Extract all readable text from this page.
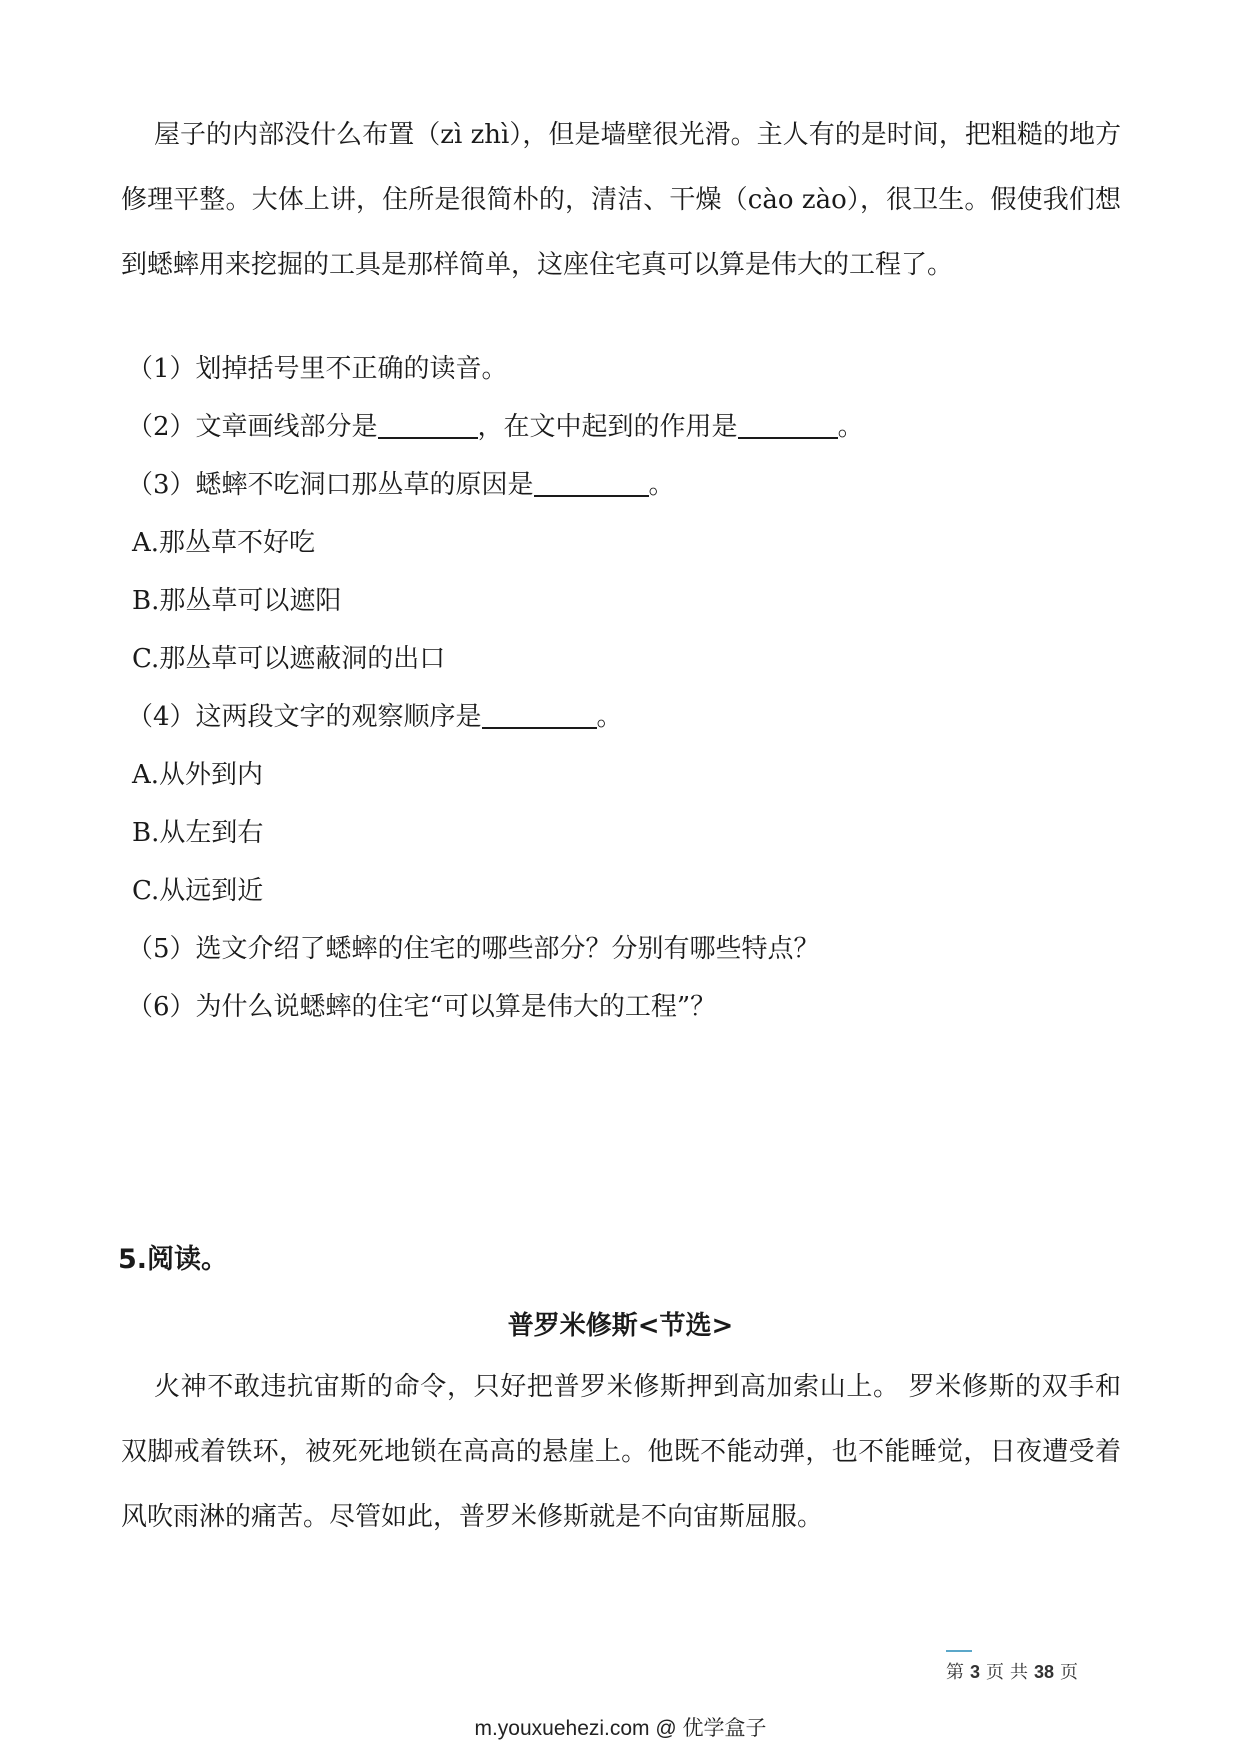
屋子的内部没什么布置（zì zhì），但是墙壁很光滑。主人有的是时间，把粗糙的地方修理平整。大体上讲，住所是很简朴的，清洁、干燥（cào zào），很卫生。假使我们想到蟋蟀用来挖掘的工具是那样简单，这座住宅真可以算是伟大的工程了。

（1）划掉括号里不正确的读音。
（2）文章画线部分是	，在文中起到的作用是	。
（3）蟋蟀不吃洞口那丛草的原因是	。
A.那丛草不好吃
B.那丛草可以遮阳
C.那丛草可以遮蔽洞的出口
（4）这两段文字的观察顺序是	。
A.从外到内
B.从左到右
C.从远到近
（5）选文介绍了蟋蟀的住宅的哪些部分？分别有哪些特点？
（6）为什么说蟋蟀的住宅“可以算是伟大的工程”？
5.阅读。
普罗米修斯<节选>

火神不敢违抗宙斯的命令，只好把普罗米修斯押到高加索山上。 罗米修斯的双手和双脚戒着铁环，被死死地锁在高高的悬崖上。他既不能动弹，也不能睡觉，日夜遭受着风吹雨淋的痛苦。尽管如此，普罗米修斯就是不向宙斯屈服。

第 3 页 共 38 页
m.youxuehezi.com @ 优学盒子
